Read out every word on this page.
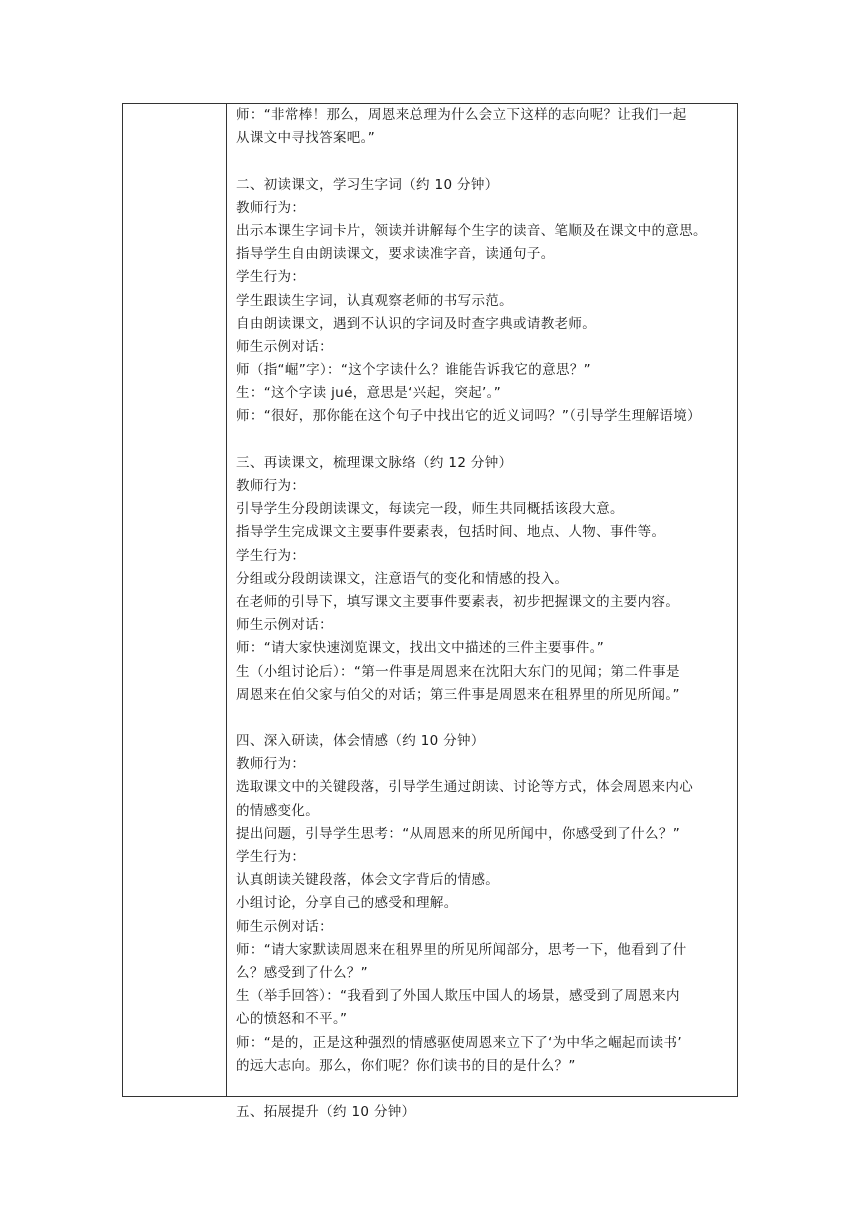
师：“非常棒！那么，周恩来总理为什么会立下这样的志向呢？让我们一起
从课文中寻找答案吧。”
二、初读课文，学习生字词（约 10 分钟）
教师行为：
出示本课生字词卡片，领读并讲解每个生字的读音、笔顺及在课文中的意思。
指导学生自由朗读课文，要求读准字音，读通句子。
学生行为：
学生跟读生字词，认真观察老师的书写示范。
自由朗读课文，遇到不认识的字词及时查字典或请教老师。
师生示例对话：
师（指“崛”字）：“这个字读什么？谁能告诉我它的意思？”
生：“这个字读 jué，意思是‘兴起，突起’。”
师：“很好，那你能在这个句子中找出它的近义词吗？”（引导学生理解语境）
三、再读课文，梳理课文脉络（约 12 分钟）
教师行为：
引导学生分段朗读课文，每读完一段，师生共同概括该段大意。
指导学生完成课文主要事件要素表，包括时间、地点、人物、事件等。
学生行为：
分组或分段朗读课文，注意语气的变化和情感的投入。
在老师的引导下，填写课文主要事件要素表，初步把握课文的主要内容。
师生示例对话：
师：“请大家快速浏览课文，找出文中描述的三件主要事件。”
生（小组讨论后）：“第一件事是周恩来在沈阳大东门的见闻；第二件事是
周恩来在伯父家与伯父的对话；第三件事是周恩来在租界里的所见所闻。”
四、深入研读，体会情感（约 10 分钟）
教师行为：
选取课文中的关键段落，引导学生通过朗读、讨论等方式，体会周恩来内心
的情感变化。
提出问题，引导学生思考：“从周恩来的所见所闻中，你感受到了什么？”
学生行为：
认真朗读关键段落，体会文字背后的情感。
小组讨论，分享自己的感受和理解。
师生示例对话：
师：“请大家默读周恩来在租界里的所见所闻部分，思考一下，他看到了什
么？感受到了什么？”
生（举手回答）：“我看到了外国人欺压中国人的场景，感受到了周恩来内
心的愤怒和不平。”
师：“是的，正是这种强烈的情感驱使周恩来立下了‘为中华之崛起而读书’
的远大志向。那么，你们呢？你们读书的目的是什么？”
五、拓展提升（约 10 分钟）
